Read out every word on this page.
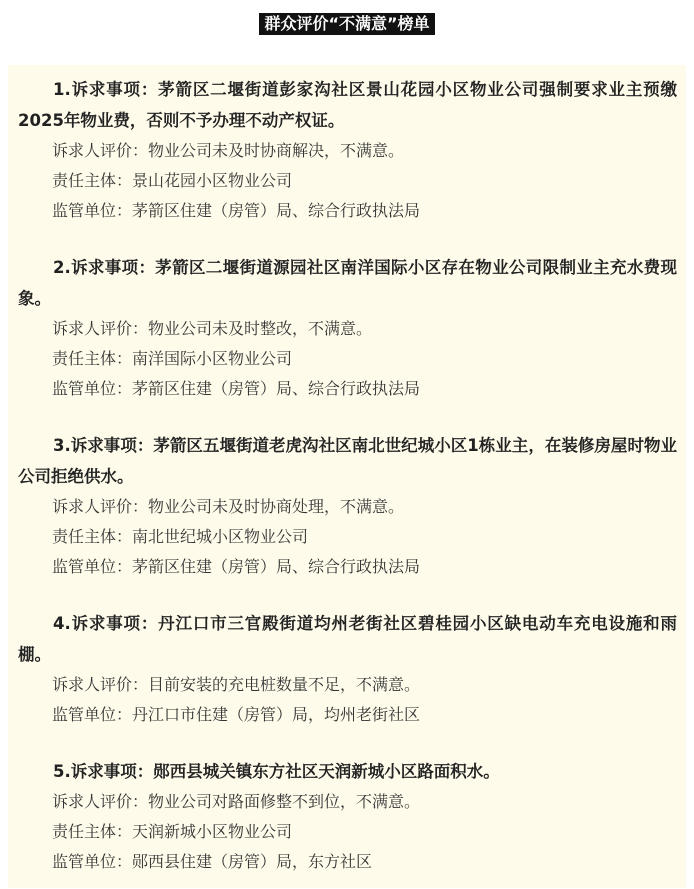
群众评价“不满意”榜单

1.诉求事项：茅箭区二堰街道彭家沟社区景山花园小区物业公司强制要求业主预缴2025年物业费，否则不予办理不动产权证。

诉求人评价：物业公司未及时协商解决，不满意。

责任主体：景山花园小区物业公司

监管单位：茅箭区住建（房管）局、综合行政执法局

2.诉求事项：茅箭区二堰街道源园社区南洋国际小区存在物业公司限制业主充水费现象。

诉求人评价：物业公司未及时整改，不满意。

责任主体：南洋国际小区物业公司

监管单位：茅箭区住建（房管）局、综合行政执法局

3.诉求事项：茅箭区五堰街道老虎沟社区南北世纪城小区1栋业主，在装修房屋时物业公司拒绝供水。

诉求人评价：物业公司未及时协商处理，不满意。

责任主体：南北世纪城小区物业公司

监管单位：茅箭区住建（房管）局、综合行政执法局

4.诉求事项：丹江口市三官殿街道均州老街社区碧桂园小区缺电动车充电设施和雨棚。

诉求人评价：目前安装的充电桩数量不足，不满意。

监管单位：丹江口市住建（房管）局，均州老街社区

5.诉求事项：郧西县城关镇东方社区天润新城小区路面积水。

诉求人评价：物业公司对路面修整不到位，不满意。

责任主体：天润新城小区物业公司

监管单位：郧西县住建（房管）局，东方社区
